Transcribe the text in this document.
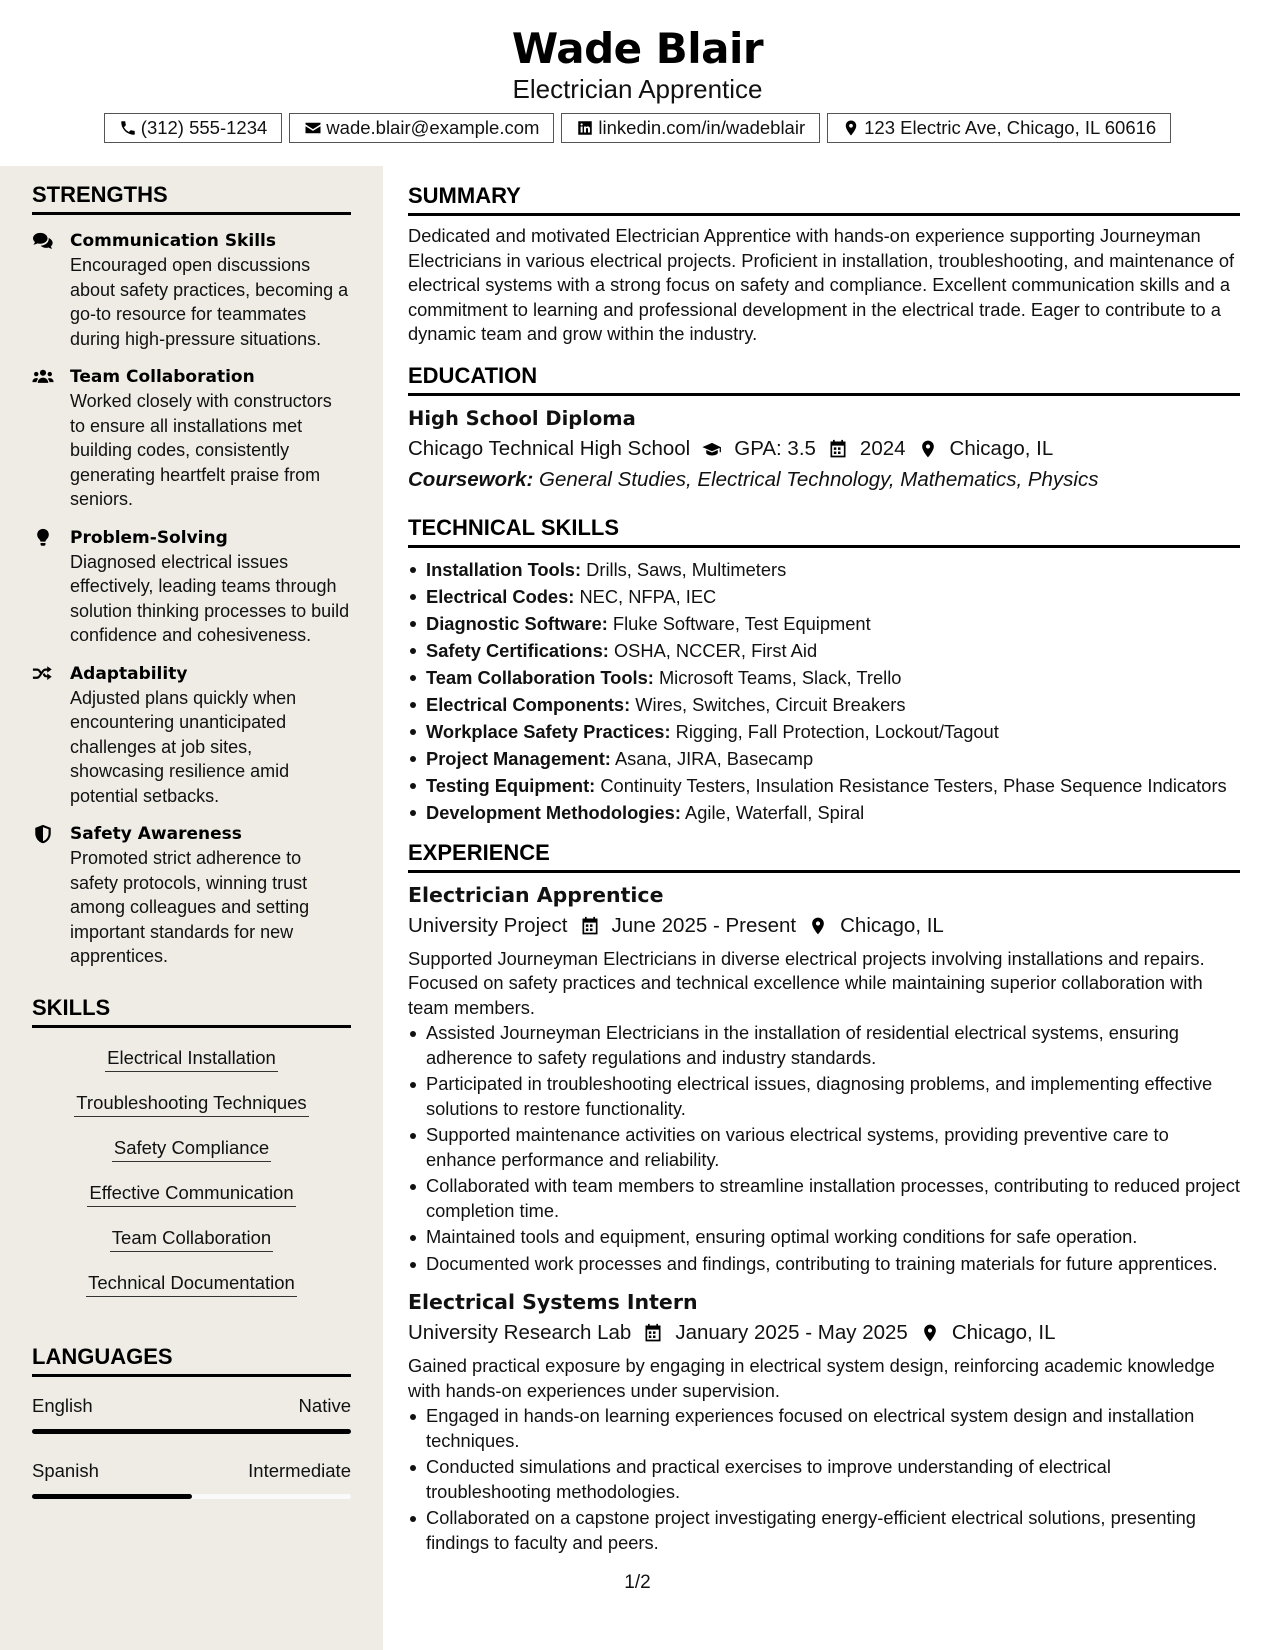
Wade Blair
Electrician Apprentice
(312) 555-1234	wade.blair@example.com	linkedin.com/in/wadeblair	123 Electric Ave, Chicago, IL 60616
STRENGTHS
Communication Skills
Encouraged open discussions about safety practices, becoming a go-to resource for teammates during high-pressure situations.
Team Collaboration
Worked closely with constructors to ensure all installations met building codes, consistently generating heartfelt praise from seniors.
Problem-Solving
Diagnosed electrical issues effectively, leading teams through solution thinking processes to build confidence and cohesiveness.
Adaptability
Adjusted plans quickly when encountering unanticipated challenges at job sites, showcasing resilience amid potential setbacks.
Safety Awareness
Promoted strict adherence to safety protocols, winning trust among colleagues and setting important standards for new apprentices.
SKILLS
Electrical Installation
Troubleshooting Techniques
Safety Compliance
Effective Communication
Team Collaboration
Technical Documentation
LANGUAGES
English	Native
Spanish	Intermediate
SUMMARY
Dedicated and motivated Electrician Apprentice with hands-on experience supporting Journeyman Electricians in various electrical projects. Proficient in installation, troubleshooting, and maintenance of electrical systems with a strong focus on safety and compliance. Excellent communication skills and a commitment to learning and professional development in the electrical trade. Eager to contribute to a dynamic team and grow within the industry.
EDUCATION
High School Diploma
Chicago Technical High School GPA: 3.5 2024 Chicago, IL
Coursework: General Studies, Electrical Technology, Mathematics, Physics
TECHNICAL SKILLS
Installation Tools: Drills, Saws, Multimeters
Electrical Codes: NEC, NFPA, IEC
Diagnostic Software: Fluke Software, Test Equipment
Safety Certifications: OSHA, NCCER, First Aid
Team Collaboration Tools: Microsoft Teams, Slack, Trello
Electrical Components: Wires, Switches, Circuit Breakers
Workplace Safety Practices: Rigging, Fall Protection, Lockout/Tagout
Project Management: Asana, JIRA, Basecamp
Testing Equipment: Continuity Testers, Insulation Resistance Testers, Phase Sequence Indicators
Development Methodologies: Agile, Waterfall, Spiral
EXPERIENCE
Electrician Apprentice
University Project June 2025 - Present Chicago, IL
Supported Journeyman Electricians in diverse electrical projects involving installations and repairs. Focused on safety practices and technical excellence while maintaining superior collaboration with team members.
Assisted Journeyman Electricians in the installation of residential electrical systems, ensuring adherence to safety regulations and industry standards.
Participated in troubleshooting electrical issues, diagnosing problems, and implementing effective solutions to restore functionality.
Supported maintenance activities on various electrical systems, providing preventive care to enhance performance and reliability.
Collaborated with team members to streamline installation processes, contributing to reduced project completion time.
Maintained tools and equipment, ensuring optimal working conditions for safe operation.
Documented work processes and findings, contributing to training materials for future apprentices.
Electrical Systems Intern
University Research Lab January 2025 - May 2025 Chicago, IL
Gained practical exposure by engaging in electrical system design, reinforcing academic knowledge with hands-on experiences under supervision.
Engaged in hands-on learning experiences focused on electrical system design and installation techniques.
Conducted simulations and practical exercises to improve understanding of electrical troubleshooting methodologies.
Collaborated on a capstone project investigating energy-efficient electrical solutions, presenting findings to faculty and peers.
1/2
